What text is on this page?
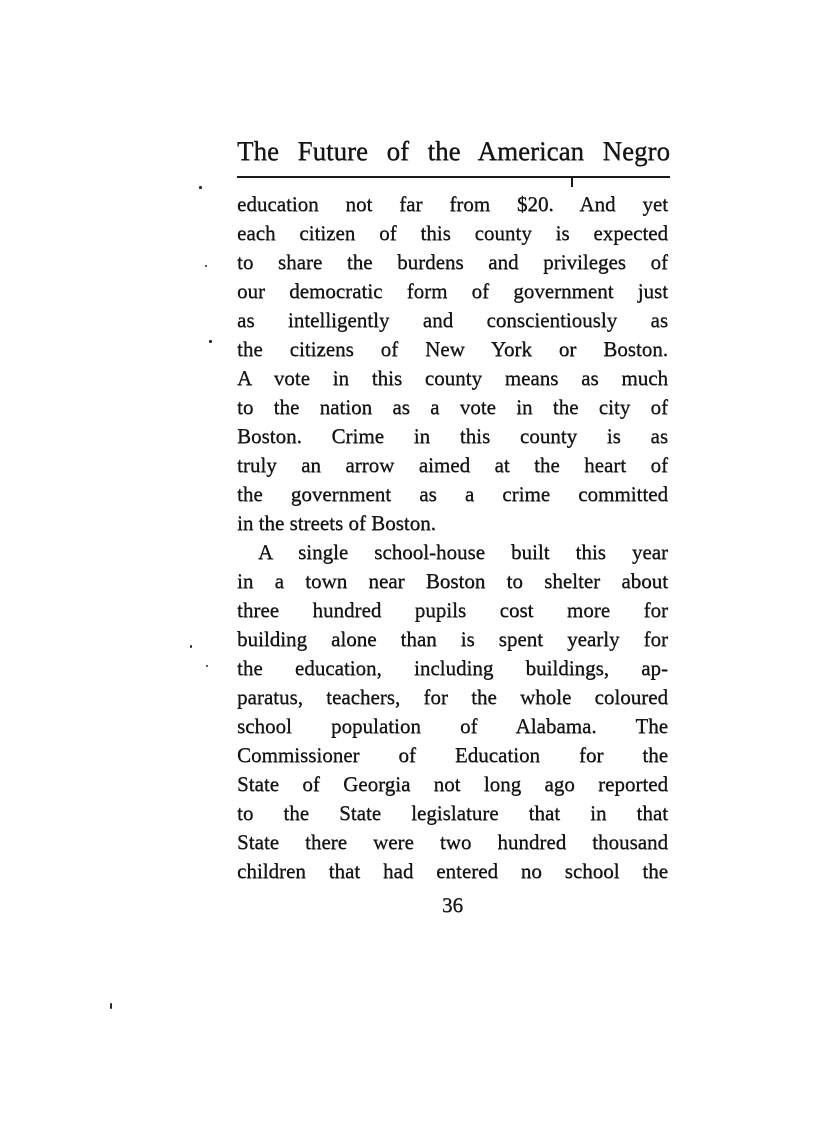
The Future of the American Negro
education not far from $20. And yet
each citizen of this county is expected
to share the burdens and privileges of
our democratic form of government just
as intelligently and conscientiously as
the citizens of New York or Boston.
A vote in this county means as much
to the nation as a vote in the city of
Boston. Crime in this county is as
truly an arrow aimed at the heart of
the government as a crime committed
in the streets of Boston.
A single school-house built this year
in a town near Boston to shelter about
three hundred pupils cost more for
building alone than is spent yearly for
the education, including buildings, ap-
paratus, teachers, for the whole coloured
school population of Alabama. The
Commissioner of Education for the
State of Georgia not long ago reported
to the State legislature that in that
State there were two hundred thousand
children that had entered no school the
36
